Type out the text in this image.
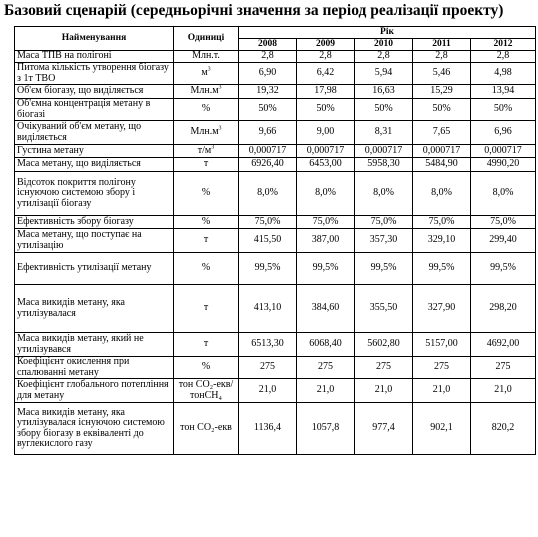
Базовий сценарій (середньорічні значення за період реалізації проекту)
Найменування	Одиниці	Рік				
		2008	2009	2010	2011	2012
Маса ТПВ на полігоні	Млн.т.	2,8	2,8	2,8	2,8	2,8
Питома кількість утворення біогазу з 1т ТВО	$м^3$	6,90	6,42	5,94	5,46	4,98
Об'єм біогазу, що виділяється	$Млн.м^3$	19,32	17,98	16,63	15,29	13,94
Об'ємна концентрація метану в біогазі	%	50%	50%	50%	50%	50%
Очікуваний об'єм метану, що виділяється	$Млн.м^3$	9,66	9,00	8,31	7,65	6,96
Густина метану	$т/м^3$	0,000717	0,000717	0,000717	0,000717	0,000717
Маса метану, що виділяється	т	6926,40	6453,00	5958,30	5484,90	4990,20
Відсоток покриття полігону існуючою системою збору і утилізації біогазу	%	8,0%	8,0%	8,0%	8,0%	8,0%
Ефективність збору біогазу	%	75,0%	75,0%	75,0%	75,0%	75,0%
Маса метану, що поступає на утилізацію	т	415,50	387,00	357,30	329,10	299,40
Ефективність утилізації метану	%	99,5%	99,5%	99,5%	99,5%	99,5%
Маса викидів метану, яка утилізувалася	т	413,10	384,60	355,50	327,90	298,20
Маса викидів метану, який не утилізувався	т	6513,30	6068,40	5602,80	5157,00	4692,00
Коефіцієнт окислення при спалюванні метану	%	275	275	275	275	275
Коефіцієнт глобального потепління для метану	тон CO₂-екв/тонCH₄	21,0	21,0	21,0	21,0	21,0
Маса викидів метану, яка утилізувалася існуючою системою збору біогазу в еквіваленті до вуглекислого газу	тон CO₂-екв	1136,4	1057,8	977,4	902,1	820,2
